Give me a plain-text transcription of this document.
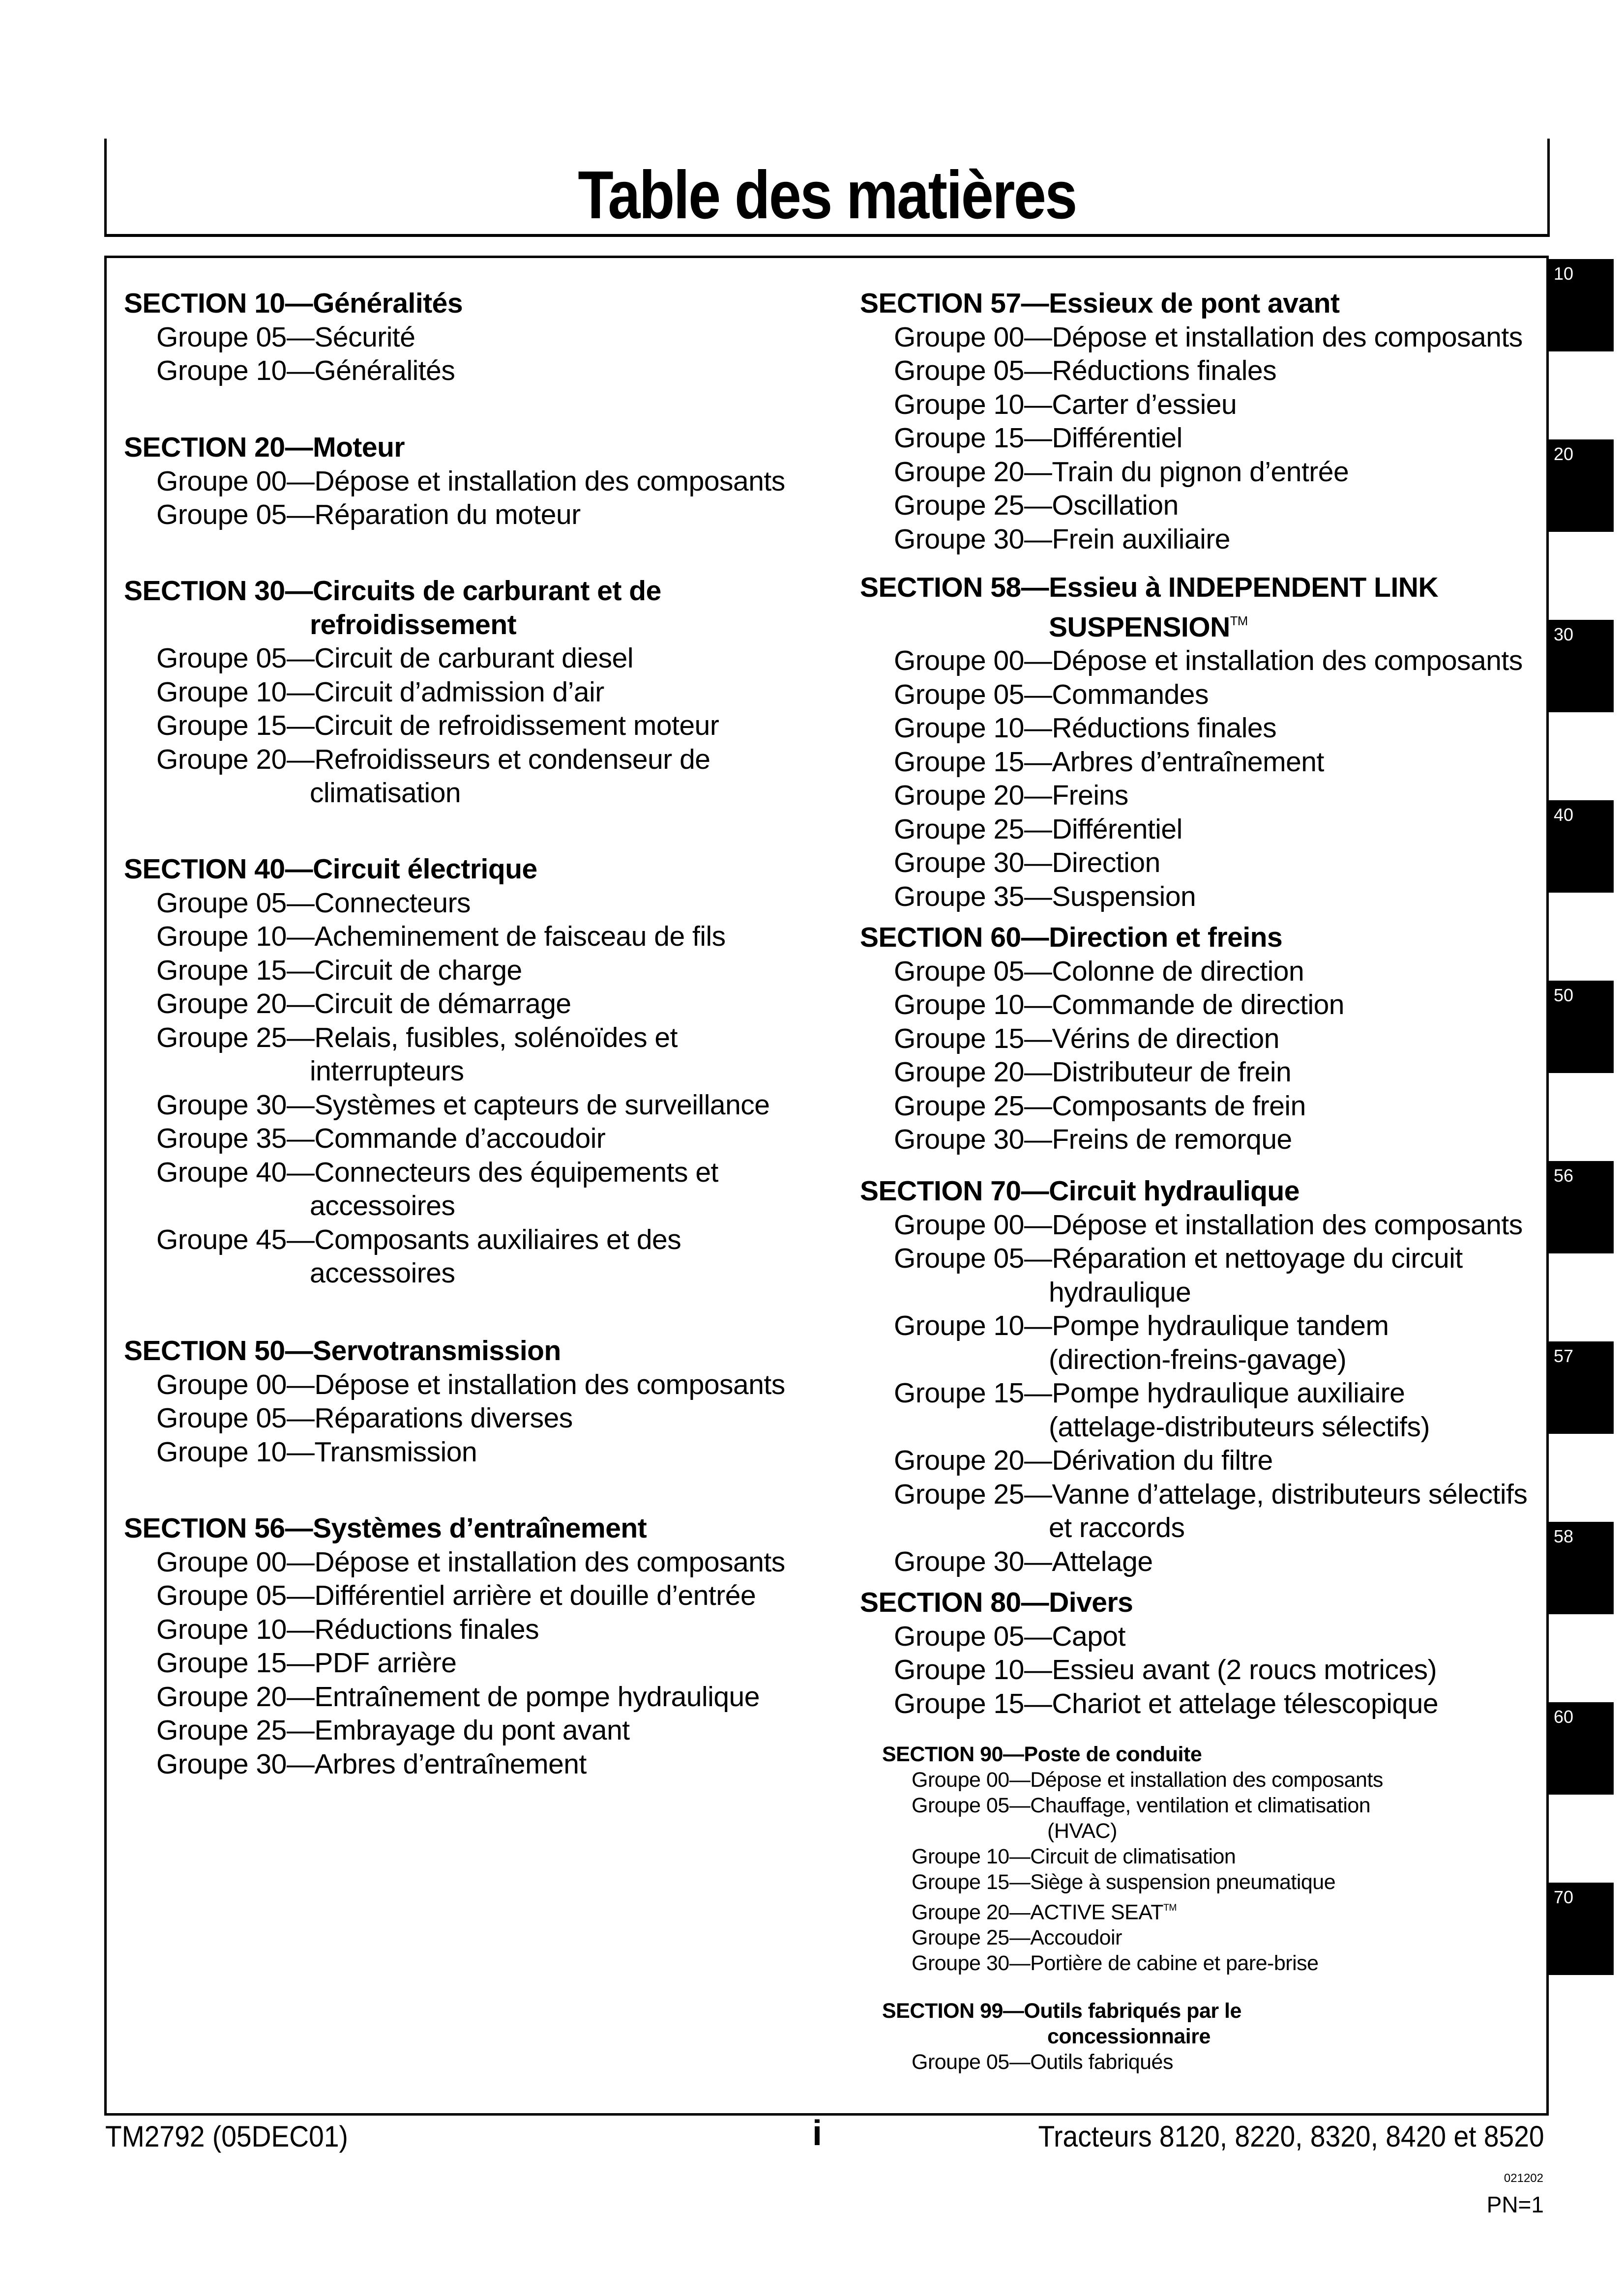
Table des matières
SECTION 10—Généralités
Groupe 05—Sécurité
Groupe 10—Généralités
SECTION 20—Moteur
Groupe 00—Dépose et installation des composants
Groupe 05—Réparation du moteur
SECTION 30—Circuits de carburant et de
refroidissement
Groupe 05—Circuit de carburant diesel
Groupe 10—Circuit d’admission d’air
Groupe 15—Circuit de refroidissement moteur
Groupe 20—Refroidisseurs et condenseur de
climatisation
SECTION 40—Circuit électrique
Groupe 05—Connecteurs
Groupe 10—Acheminement de faisceau de fils
Groupe 15—Circuit de charge
Groupe 20—Circuit de démarrage
Groupe 25—Relais, fusibles, solénoïdes et
interrupteurs
Groupe 30—Systèmes et capteurs de surveillance
Groupe 35—Commande d’accoudoir
Groupe 40—Connecteurs des équipements et
accessoires
Groupe 45—Composants auxiliaires et des
accessoires
SECTION 50—Servotransmission
Groupe 00—Dépose et installation des composants
Groupe 05—Réparations diverses
Groupe 10—Transmission
SECTION 56—Systèmes d’entraînement
Groupe 00—Dépose et installation des composants
Groupe 05—Différentiel arrière et douille d’entrée
Groupe 10—Réductions finales
Groupe 15—PDF arrière
Groupe 20—Entraînement de pompe hydraulique
Groupe 25—Embrayage du pont avant
Groupe 30—Arbres d’entraînement
SECTION 57—Essieux de pont avant
Groupe 00—Dépose et installation des composants
Groupe 05—Réductions finales
Groupe 10—Carter d’essieu
Groupe 15—Différentiel
Groupe 20—Train du pignon d’entrée
Groupe 25—Oscillation
Groupe 30—Frein auxiliaire
SECTION 58—Essieu à INDEPENDENT LINK
SUSPENSION™
Groupe 00—Dépose et installation des composants
Groupe 05—Commandes
Groupe 10—Réductions finales
Groupe 15—Arbres d’entraînement
Groupe 20—Freins
Groupe 25—Différentiel
Groupe 30—Direction
Groupe 35—Suspension
SECTION 60—Direction et freins
Groupe 05—Colonne de direction
Groupe 10—Commande de direction
Groupe 15—Vérins de direction
Groupe 20—Distributeur de frein
Groupe 25—Composants de frein
Groupe 30—Freins de remorque
SECTION 70—Circuit hydraulique
Groupe 00—Dépose et installation des composants
Groupe 05—Réparation et nettoyage du circuit
hydraulique
Groupe 10—Pompe hydraulique tandem
(direction-freins-gavage)
Groupe 15—Pompe hydraulique auxiliaire
(attelage-distributeurs sélectifs)
Groupe 20—Dérivation du filtre
Groupe 25—Vanne d’attelage, distributeurs sélectifs
et raccords
Groupe 30—Attelage
SECTION 80—Divers
Groupe 05—Capot
Groupe 10—Essieu avant (2 roucs motrices)
Groupe 15—Chariot et attelage télescopique
SECTION 90—Poste de conduite
Groupe 00—Dépose et installation des composants
Groupe 05—Chauffage, ventilation et climatisation
(HVAC)
Groupe 10—Circuit de climatisation
Groupe 15—Siège à suspension pneumatique
Groupe 20—ACTIVE SEAT™
Groupe 25—Accoudoir
Groupe 30—Portière de cabine et pare-brise
SECTION 99—Outils fabriqués par le
concessionnaire
Groupe 05—Outils fabriqués
10
20
30
40
50
56
57
58
60
70
TM2792 (05DEC01)	i	Tracteurs 8120, 8220, 8320, 8420 et 8520
021202
PN=1
